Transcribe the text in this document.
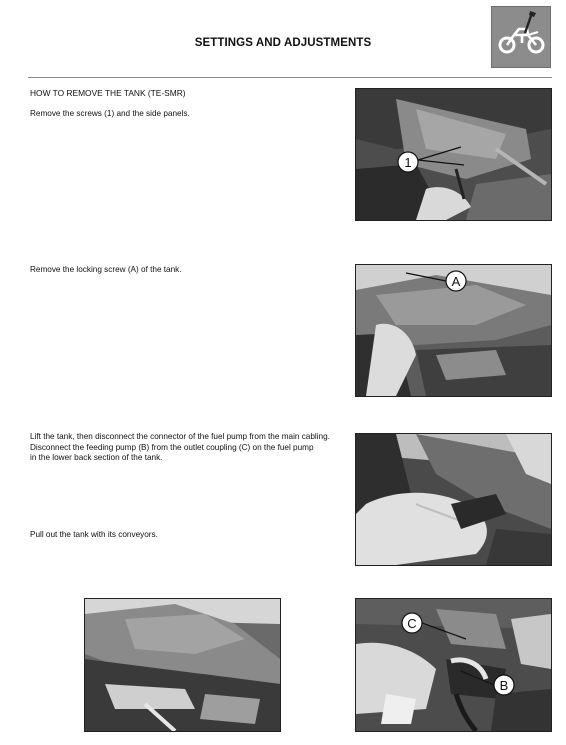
SETTINGS AND ADJUSTMENTS
HOW TO REMOVE THE TANK (TE-SMR)
Remove the screws (1) and the side panels.
Remove the locking screw (A) of the tank.
Lift the tank, then disconnect the connector of the fuel pump from the main cabling.
Disconnect the feeding pump (B) from the outlet coupling (C) on the fuel pump
in the lower back section of the tank.
Pull out the tank with its conveyors.
1
A
C
B
